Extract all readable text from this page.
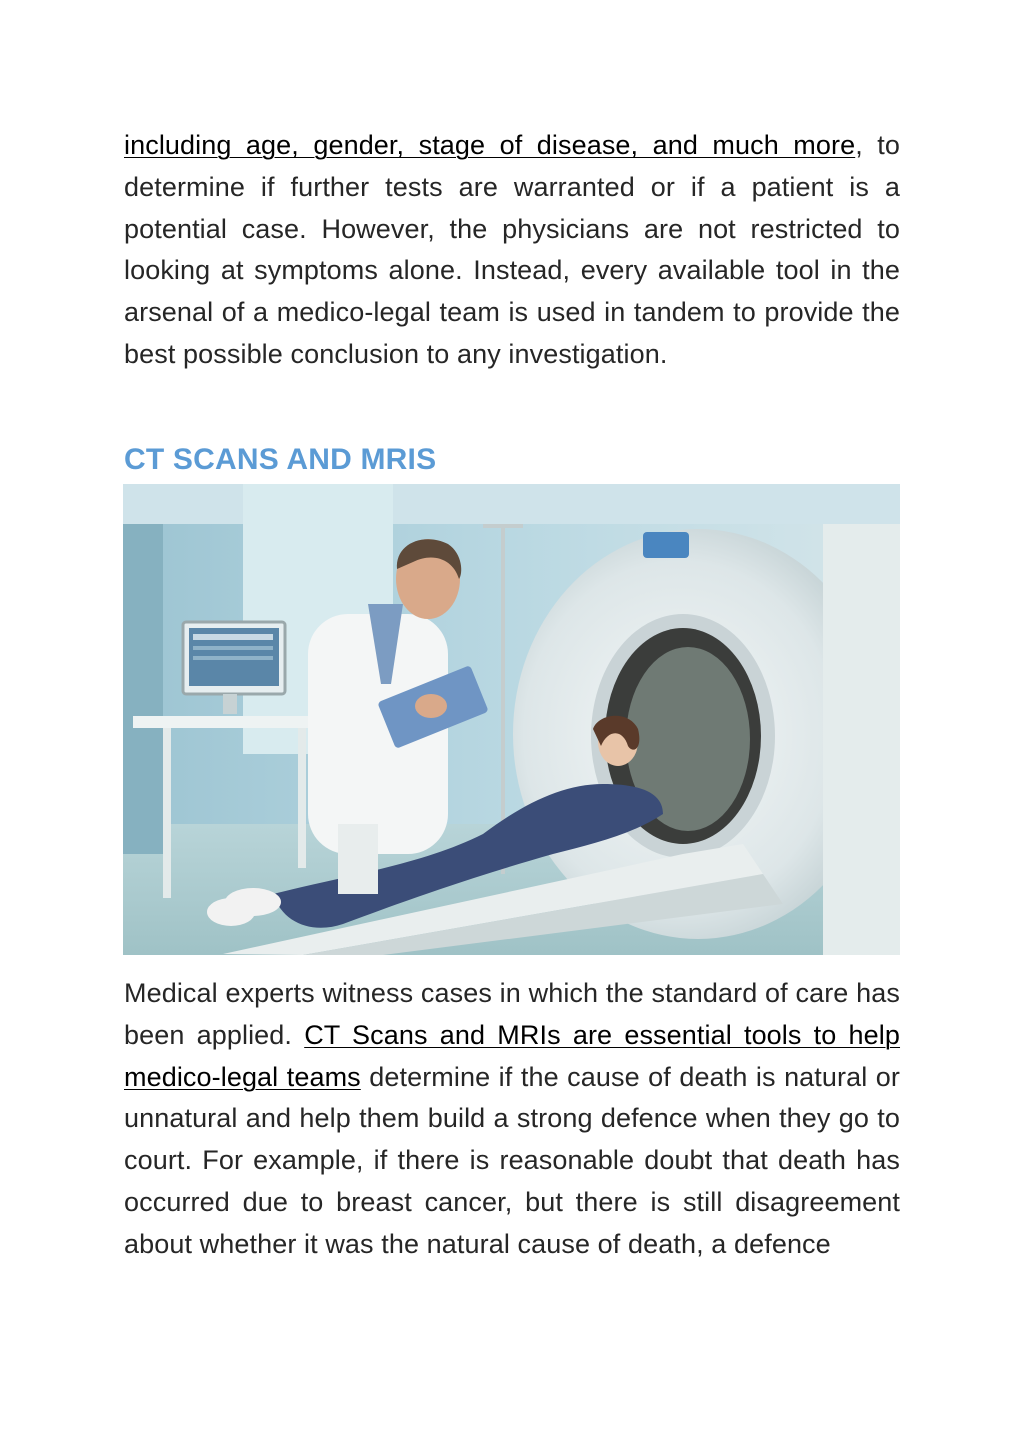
including age, gender, stage of disease, and much more, to determine if further tests are warranted or if a patient is a potential case. However, the physicians are not restricted to looking at symptoms alone. Instead, every available tool in the arsenal of a medico-legal team is used in tandem to provide the best possible conclusion to any investigation.

CT SCANS AND MRIS

Medical experts witness cases in which the standard of care has been applied. CT Scans and MRIs are essential tools to help medico-legal teams determine if the cause of death is natural or unnatural and help them build a strong defence when they go to court. For example, if there is reasonable doubt that death has occurred due to breast cancer, but there is still disagreement about whether it was the natural cause of death, a defence
